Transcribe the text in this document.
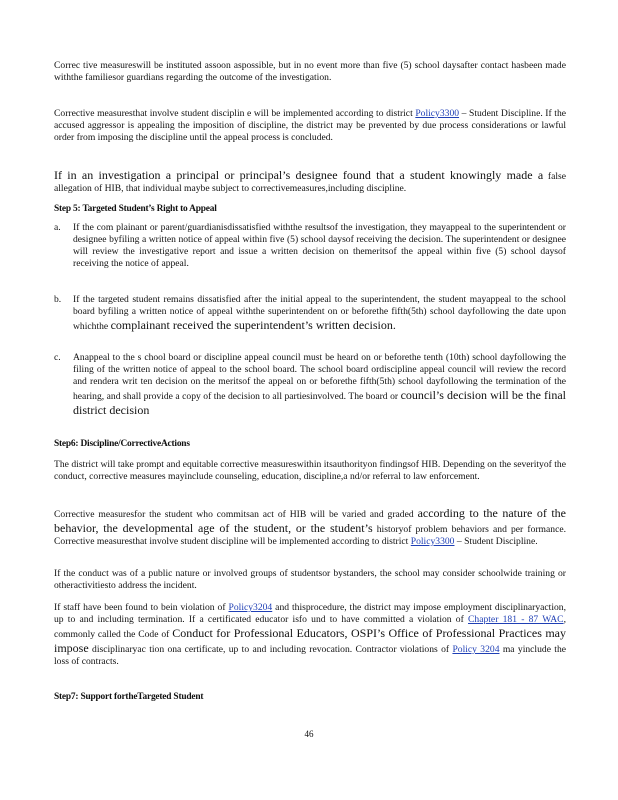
Correc tive measureswill be instituted assoon aspossible, but in no event more than five (5) school daysafter contact hasbeen made withthe familiesor guardians regarding the outcome of the investigation.

Corrective measuresthat involve student disciplin e will be implemented according to district Policy3300 – Student Discipline. If the accused aggressor is appealing the imposition of discipline, the district may be prevented by due process considerations or lawful order from imposing the discipline until the appeal process is concluded.

If in an investigation a principal or principal’s designee found that a student knowingly made a false allegation of HIB, that individual maybe subject to correctivemeasures,including discipline.

Step 5: Targeted Student’s Right to Appeal

a.	If the com plainant or parent/guardianisdissatisfied withthe resultsof the investigation, they mayappeal to the superintendent or designee byfiling a written notice of appeal within five (5) school daysof receiving the decision. The superintendent or designee will review the investigative report and issue a written decision on themeritsof the appeal within five (5) school daysof receiving the notice of appeal.
b.	If the targeted student remains dissatisfied after the initial appeal to the superintendent, the student mayappeal to the school board byfiling a written notice of appeal withthe superintendent on or beforethe fifth(5th) school dayfollowing the date upon whichthe complainant received the superintendent’s written decision.
c.	Anappeal to the s chool board or discipline appeal council must be heard on or beforethe tenth (10th) school dayfollowing the filing of the written notice of appeal to the school board. The school board ordiscipline appeal council will review the record and rendera writ ten decision on the meritsof the appeal on or beforethe fifth(5th) school dayfollowing the termination of the hearing, and shall provide a copy of the decision to all partiesinvolved. The board or council’s decision will be the final district decision

Step6: Discipline/CorrectiveActions

The district will take prompt and equitable corrective measureswithin itsauthorityon findingsof HIB. Depending on the severityof the conduct, corrective measures mayinclude counseling, education, discipline,a nd/or referral to law enforcement.

Corrective measuresfor the student who commitsan act of HIB will be varied and graded according to the nature of the behavior, the developmental age of the student, or the student’s historyof problem behaviors and per formance. Corrective measuresthat involve student discipline will be implemented according to district Policy3300 – Student Discipline.

If the conduct was of a public nature or involved groups of studentsor bystanders, the school may consider schoolwide training or otheractivitiesto address the incident.

If staff have been found to bein violation of Policy3204 and thisprocedure, the district may impose employment disciplinaryaction, up to and including termination. If a certificated educator isfo und to have committed a violation of Chapter 181 - 87 WAC, commonly called the Code of Conduct for Professional Educators, OSPI’s Office of Professional Practices may impose disciplinaryac tion ona certificate, up to and including revocation. Contractor violations of Policy 3204 ma yinclude the loss of contracts.

Step7: Support fortheTargeted Student

46
